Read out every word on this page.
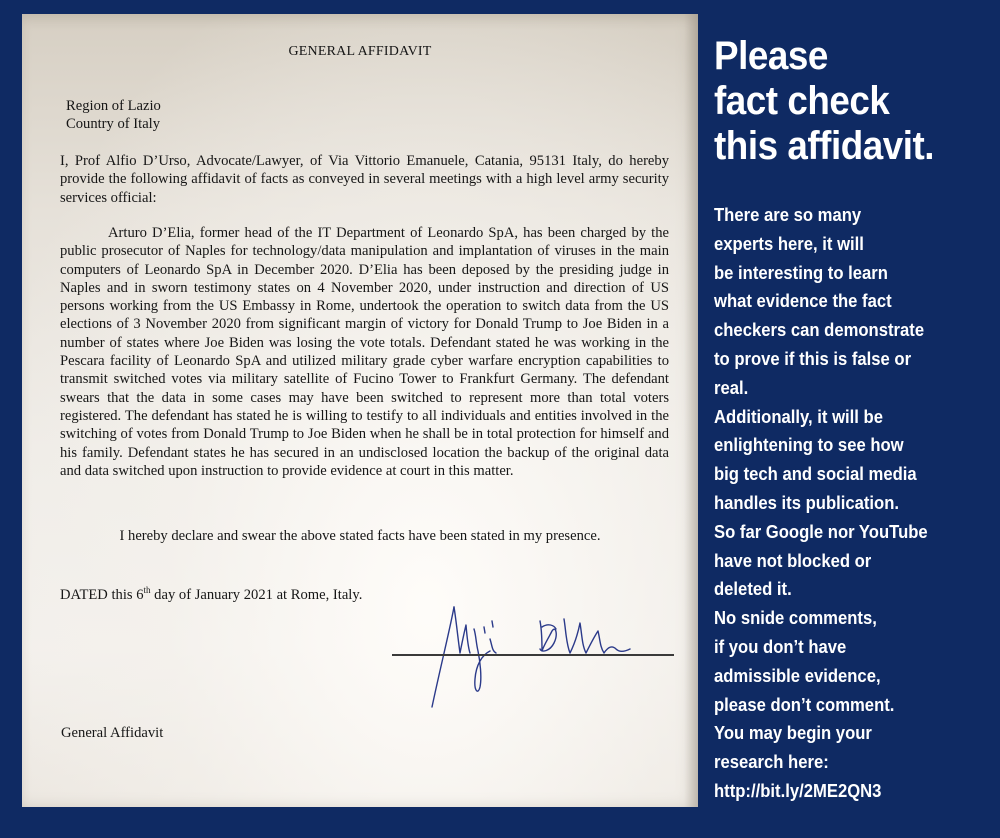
GENERAL AFFIDAVIT
Region of Lazio
Country of Italy
I, Prof Alfio D’Urso, Advocate/Lawyer, of Via Vittorio Emanuele, Catania, 95131 Italy, do hereby provide the following affidavit of facts as conveyed in several meetings with a high level army security services official:
Arturo D’Elia, former head of the IT Department of Leonardo SpA, has been charged by the public prosecutor of Naples for technology/data manipulation and implantation of viruses in the main computers of Leonardo SpA in December 2020. D’Elia has been deposed by the presiding judge in Naples and in sworn testimony states on 4 November 2020, under instruction and direction of US persons working from the US Embassy in Rome, undertook the operation to switch data from the US elections of 3 November 2020 from significant margin of victory for Donald Trump to Joe Biden in a number of states where Joe Biden was losing the vote totals. Defendant stated he was working in the Pescara facility of Leonardo SpA and utilized military grade cyber warfare encryption capabilities to transmit switched votes via military satellite of Fucino Tower to Frankfurt Germany. The defendant swears that the data in some cases may have been switched to represent more than total voters registered. The defendant has stated he is willing to testify to all individuals and entities involved in the switching of votes from Donald Trump to Joe Biden when he shall be in total protection for himself and his family. Defendant states he has secured in an undisclosed location the backup of the original data and data switched upon instruction to provide evidence at court in this matter.
I hereby declare and swear the above stated facts have been stated in my presence.
DATED this 6th day of January 2021 at Rome, Italy.
General Affidavit
Please
fact check
this affidavit.
There are so many
experts here, it will
be interesting to learn
what evidence the fact
checkers can demonstrate
to prove if this is false or
real.
Additionally, it will be
enlightening to see how
big tech and social media
handles its publication.
So far Google nor YouTube
have not blocked or
deleted it.
No snide comments,
if you don’t have
admissible evidence,
please don’t comment.
You may begin your
research here:
http://bit.ly/2ME2QN3
